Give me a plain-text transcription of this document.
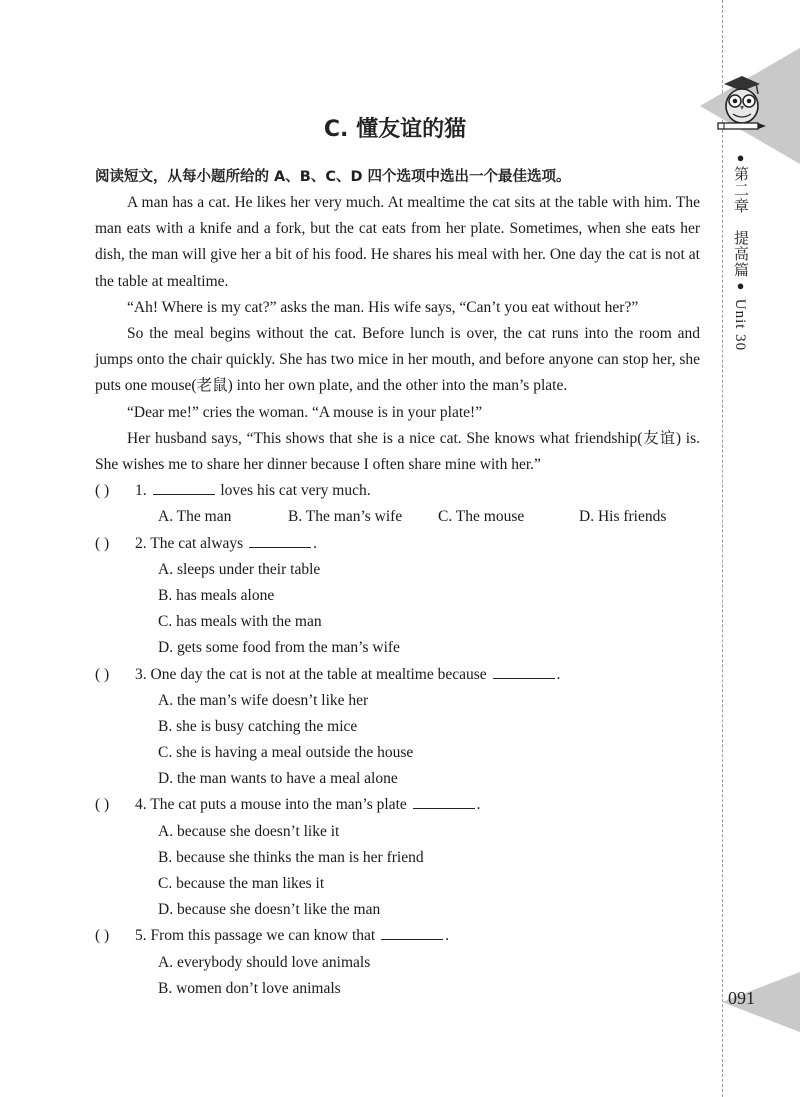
●第二章　提高篇● Unit 30
091
C. 懂友谊的猫
阅读短文，从每小题所给的 A、B、C、D 四个选项中选出一个最佳选项。

A man has a cat. He likes her very much. At mealtime the cat sits at the table with him. The man eats with a knife and a fork, but the cat eats from her plate. Sometimes, when she eats her dish, the man will give her a bit of his food. He shares his meal with her. One day the cat is not at the table at mealtime.

“Ah! Where is my cat?” asks the man. His wife says, “Can’t you eat without her?”

So the meal begins without the cat. Before lunch is over, the cat runs into the room and jumps onto the chair quickly. She has two mice in her mouth, and before anyone can stop her, she puts one mouse(老鼠) into her own plate, and the other into the man’s plate.

“Dear me!” cries the woman. “A mouse is in your plate!”

Her husband says, “This shows that she is a nice cat. She knows what friendship(友谊) is. She wishes me to share her dinner because I often share mine with her.”

( ) 1.	loves his cat very much.
A. The man	B. The man’s wife C. The mouse	D. His friends
( ) 2. The cat always	.
A. sleeps under their table
B. has meals alone
C. has meals with the man
D. gets some food from the man’s wife
( ) 3. One day the cat is not at the table at mealtime because	.
A. the man’s wife doesn’t like her
B. she is busy catching the mice
C. she is having a meal outside the house
D. the man wants to have a meal alone
( ) 4. The cat puts a mouse into the man’s plate	.
A. because she doesn’t like it
B. because she thinks the man is her friend
C. because the man likes it
D. because she doesn’t like the man
( ) 5. From this passage we can know that	.
A. everybody should love animals
B. women don’t love animals
